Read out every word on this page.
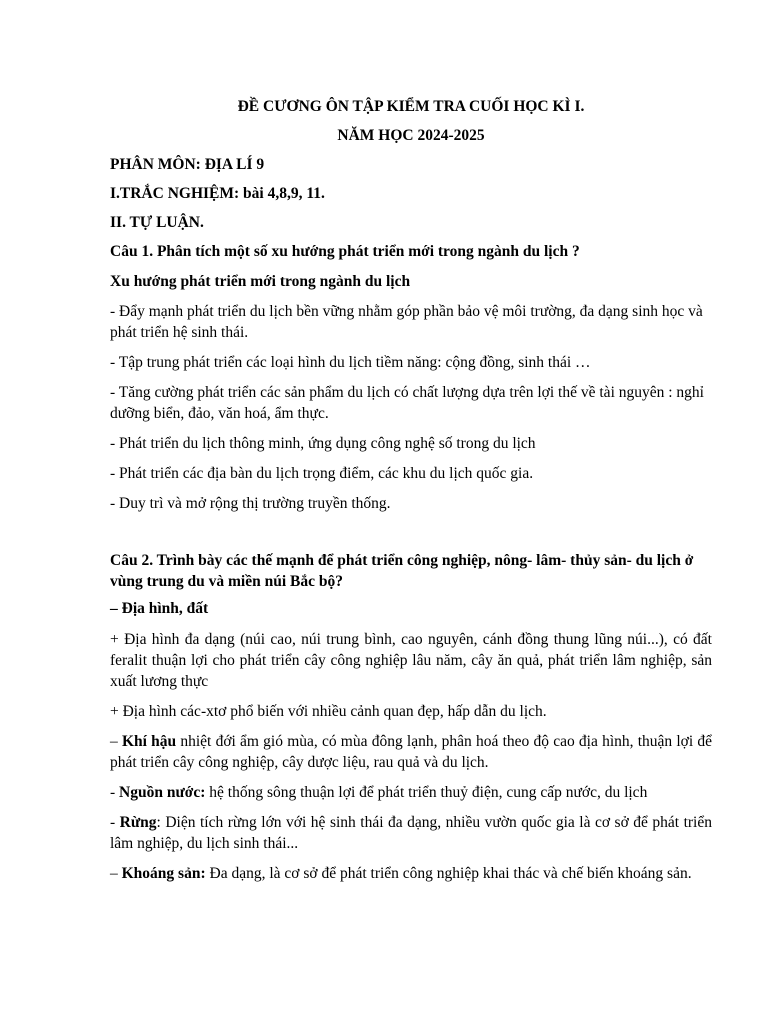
ĐỀ CƯƠNG ÔN TẬP KIỂM TRA CUỐI HỌC KÌ I.

NĂM HỌC 2024-2025

PHÂN MÔN: ĐỊA LÍ 9

I.TRẮC NGHIỆM: bài 4,8,9, 11.

II. TỰ LUẬN.

Câu 1. Phân tích một số xu hướng phát triển mới trong ngành du lịch ?

Xu hướng phát triển mới trong ngành du lịch

- Đẩy mạnh phát triển du lịch bền vững nhằm góp phần bảo vệ môi trường, đa dạng sinh học và phát triển hệ sinh thái.

- Tập trung phát triển các loại hình du lịch tiềm năng: cộng đồng, sinh thái …

- Tăng cường phát triển các sản phẩm du lịch có chất lượng dựa trên lợi thế về tài nguyên : nghỉ dưỡng biển, đảo, văn hoá, ẩm thực.

- Phát triển du lịch thông minh, ứng dụng công nghệ số trong du lịch

- Phát triển các địa bàn du lịch trọng điểm, các khu du lịch quốc gia.

- Duy trì và mở rộng thị trường truyền thống.

Câu 2. Trình bày các thế mạnh để phát triển công nghiệp, nông- lâm- thủy sản- du lịch ở vùng trung du và miền núi Bắc bộ?

– Địa hình, đất

+ Địa hình đa dạng (núi cao, núi trung bình, cao nguyên, cánh đồng thung lũng núi...), có đất feralit thuận lợi cho phát triển cây công nghiệp lâu năm, cây ăn quả, phát triển lâm nghiệp, sản xuất lương thực

+ Địa hình các-xtơ phổ biến với nhiều cảnh quan đẹp, hấp dẫn du lịch.

– Khí hậu nhiệt đới ẩm gió mùa, có mùa đông lạnh, phân hoá theo độ cao địa hình, thuận lợi để phát triển cây công nghiệp, cây dược liệu, rau quả và du lịch.

- Nguồn nước: hệ thống sông thuận lợi để phát triển thuỷ điện, cung cấp nước, du lịch

- Rừng: Diện tích rừng lớn với hệ sinh thái đa dạng, nhiều vườn quốc gia là cơ sở để phát triển lâm nghiệp, du lịch sinh thái...

– Khoáng sản: Đa dạng, là cơ sở để phát triển công nghiệp khai thác và chế biến khoáng sản.
